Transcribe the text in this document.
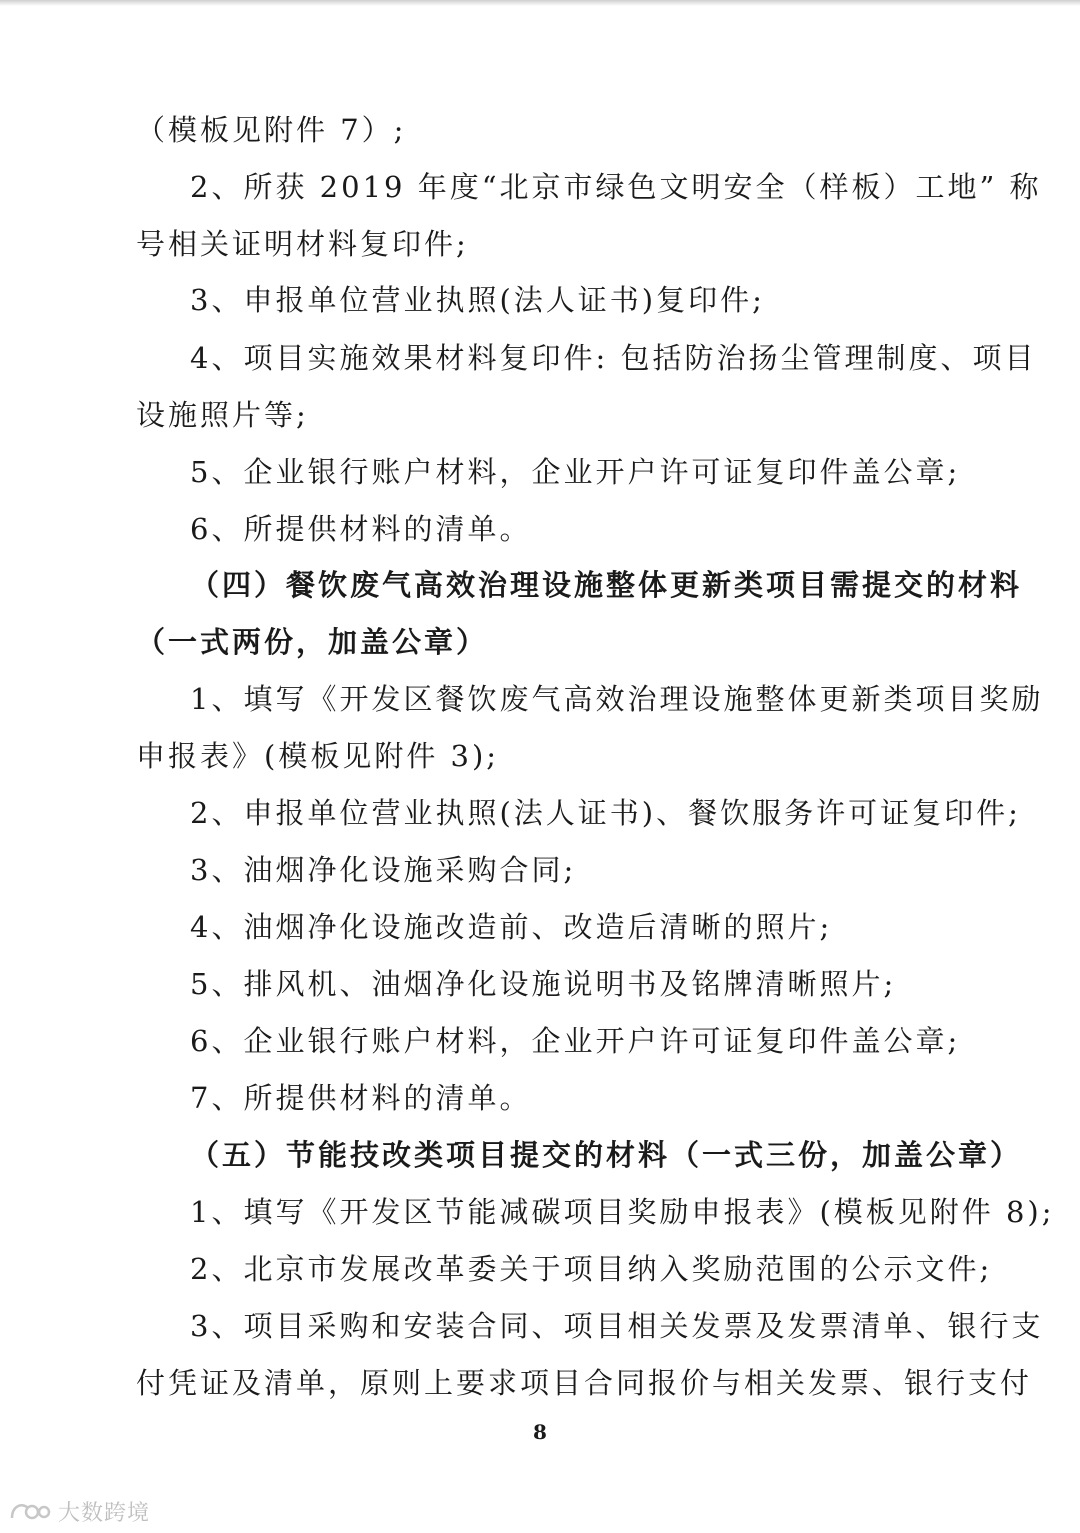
（模板见附件 7）;
2、所获 2019 年度“北京市绿色文明安全（样板）工地” 称
号相关证明材料复印件;
3、申报单位营业执照(法人证书)复印件;
4、项目实施效果材料复印件: 包括防治扬尘管理制度、项目
设施照片等;
5、企业银行账户材料，企业开户许可证复印件盖公章;
6、所提供材料的清单。
（四）餐饮废气高效治理设施整体更新类项目需提交的材料
（一式两份，加盖公章）
1、填写《开发区餐饮废气高效治理设施整体更新类项目奖励
申报表》(模板见附件 3);
2、申报单位营业执照(法人证书)、餐饮服务许可证复印件;
3、油烟净化设施采购合同;
4、油烟净化设施改造前、改造后清晰的照片;
5、排风机、油烟净化设施说明书及铭牌清晰照片;
6、企业银行账户材料，企业开户许可证复印件盖公章;
7、所提供材料的清单。
（五）节能技改类项目提交的材料（一式三份，加盖公章）
1、填写《开发区节能减碳项目奖励申报表》(模板见附件 8);
2、北京市发展改革委关于项目纳入奖励范围的公示文件;
3、项目采购和安装合同、项目相关发票及发票清单、银行支
付凭证及清单，原则上要求项目合同报价与相关发票、银行支付
8
大数跨境
